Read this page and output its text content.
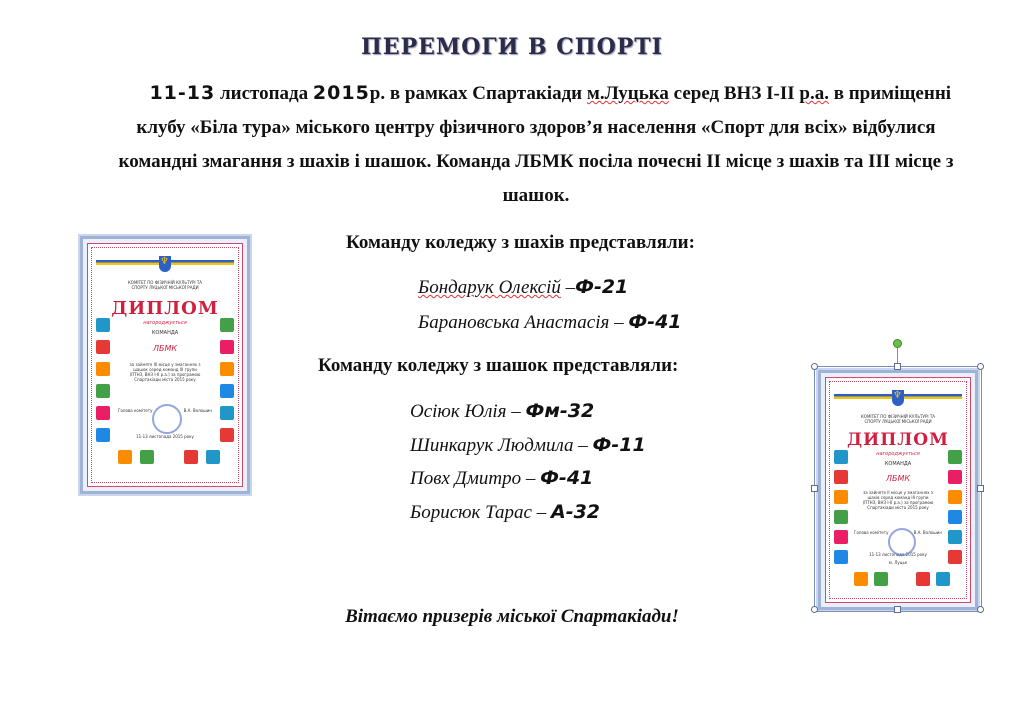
ПЕРЕМОГИ В СПОРТІ
11-13 листопада 2015р. в рамках Спартакіади м.Луцька серед ВНЗ I-II р.а. в приміщенні клубу «Біла тура» міського центру фізичного здоров’я населення «Спорт для всіх» відбулися командні змагання з шахів і шашок. Команда ЛБМК посіла почесні II місце з шахів та III місце з шашок.
Команду коледжу з шахів представляли:
Бондарук Олексій –Ф-21
Барановська Анастасія – Ф-41
Команду коледжу з шашок представляли:
Осіюк Юлія – Фм-32
Шинкарук Людмила – Ф-11
Повх Дмитро – Ф-41
Борисюк Тарас – А-32
Вітаємо призерів міської Спартакіади!
♆
КОМІТЕТ ПО ФІЗИЧНІЙ КУЛЬТУРІ ТА СПОРТУ ЛУЦЬКОЇ МІСЬКОЇ РАДИ
ДИПЛОМ
нагороджується
КОМАНДА
ЛБМК
за зайняте III місце у змаганнях з шашок серед команд ІІІ групи (ПТНЗ, ВНЗ І-ІІ р.а.) за програмою Спартакіади міста 2015 року
Голова комітету	В.А. Волошин
11-13 листопада 2015 року
♆
КОМІТЕТ ПО ФІЗИЧНІЙ КУЛЬТУРІ ТА СПОРТУ ЛУЦЬКОЇ МІСЬКОЇ РАДИ
ДИПЛОМ
нагороджується
КОМАНДА
ЛБМК
за зайняте II місце у змаганнях з шахів серед команд ІІІ групи (ПТНЗ, ВНЗ І-ІІ р.а.) за програмою Спартакіади міста 2015 року
Голова комітету	В.А. Волошин
11-13 листопада 2015 року
м. Луцьк
